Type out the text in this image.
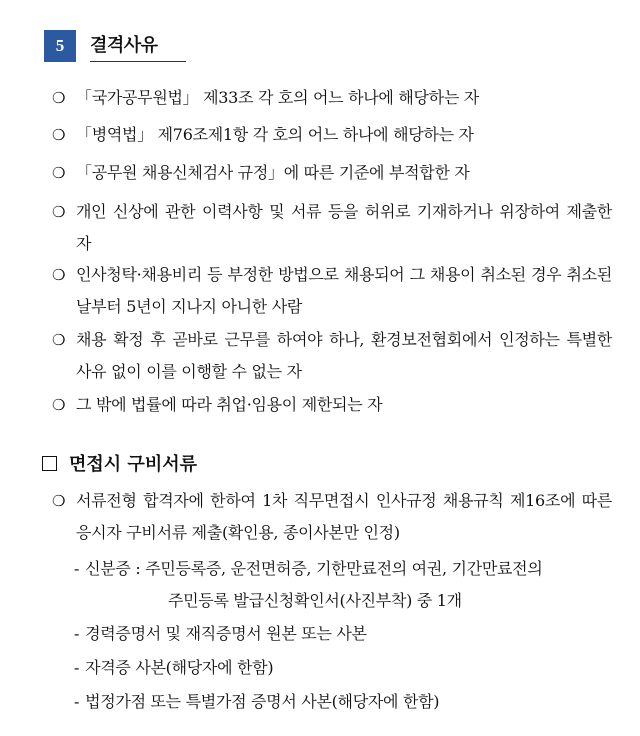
5	결격사유
❍ 「국가공무원법」 제33조 각 호의 어느 하나에 해당하는 자
❍ 「병역법」 제76조제1항 각 호의 어느 하나에 해당하는 자
❍ 「공무원 채용신체검사 규정」에 따른 기준에 부적합한 자
❍ 개인 신상에 관한 이력사항 및 서류 등을 허위로 기재하거나 위장하여 제출한 자
❍ 인사청탁·채용비리 등 부정한 방법으로 채용되어 그 채용이 취소된 경우 취소된 날부터 5년이 지나지 아니한 사람
❍ 채용 확정 후 곧바로 근무를 하여야 하나, 환경보전협회에서 인정하는 특별한 사유 없이 이를 이행할 수 없는 자
❍ 그 밖에 법률에 따라 취업·임용이 제한되는 자
면접시 구비서류
❍ 서류전형 합격자에 한하여 1차 직무면접시 인사규정 채용규칙 제16조에 따른 응시자 구비서류 제출(확인용, 종이사본만 인정)
- 신분증 : 주민등록증, 운전면허증, 기한만료전의 여권, 기간만료전의
주민등록 발급신청확인서(사진부착) 중 1개
- 경력증명서 및 재직증명서 원본 또는 사본
- 자격증 사본(해당자에 한함)
- 법정가점 또는 특별가점 증명서 사본(해당자에 한함)
